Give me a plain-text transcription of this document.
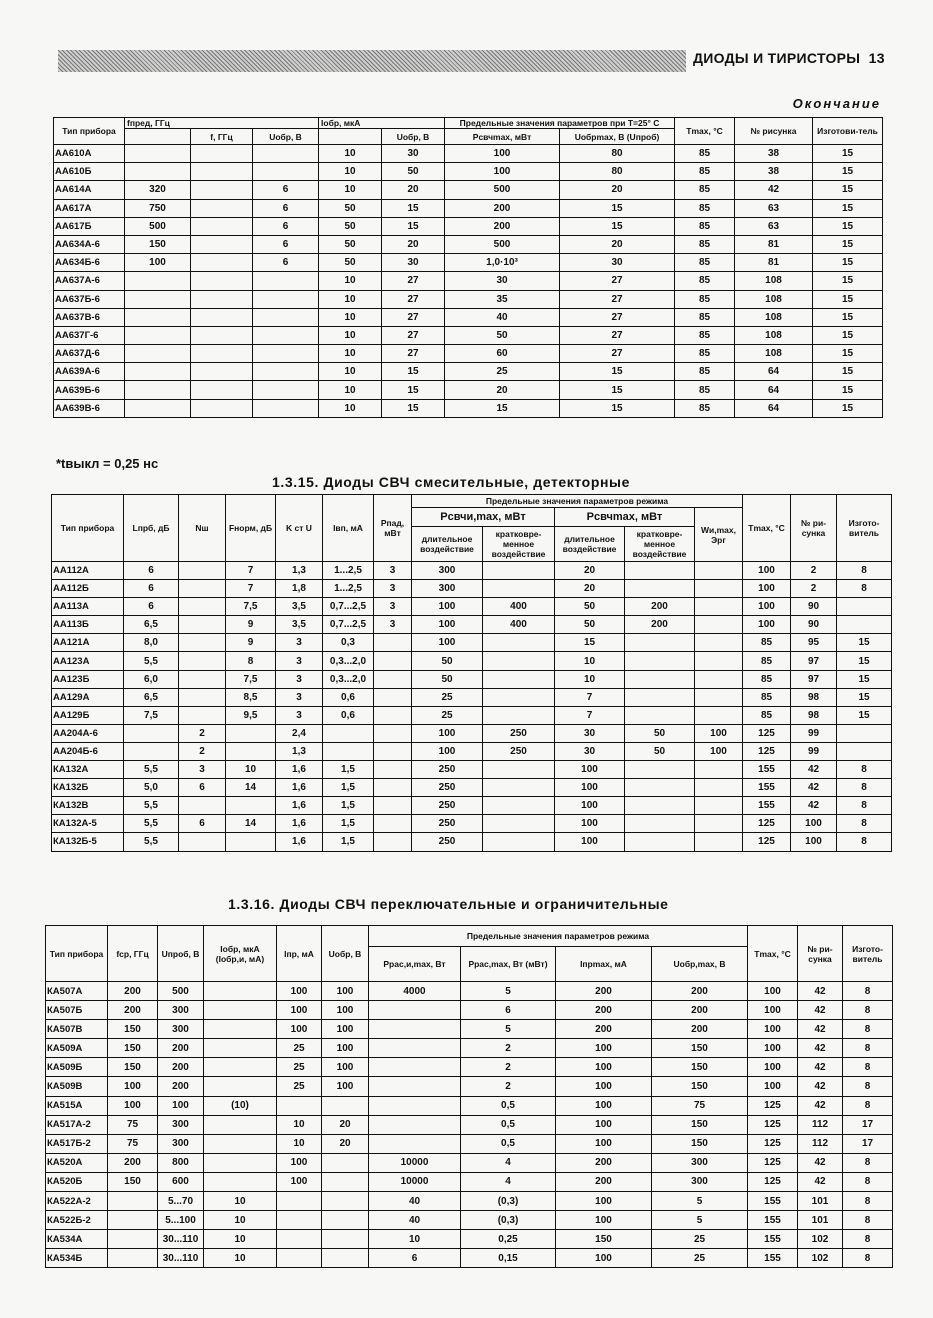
ДИОДЫ И ТИРИСТОРЫ 13
Окончание
Тип прибора	fпред, ГГц			Iобр, мкА		Предельные значения параметров при T=25° C		Tmax, °С	№ рисунка	Изготови-тель
		f, ГГц	Uобр, В		Uобр, В	Pсвчmax, мВт	Uобрmax, В (Uпроб)			
АА610А				10	30	100	80	85	38	15
АА610Б				10	50	100	80	85	38	15
АА614А	320		6	10	20	500	20	85	42	15
АА617А	750		6	50	15	200	15	85	63	15
АА617Б	500		6	50	15	200	15	85	63	15
АА634А-6	150		6	50	20	500	20	85	81	15
АА634Б-6	100		6	50	30	1,0·10³	30	85	81	15
АА637А-6				10	27	30	27	85	108	15
АА637Б-6				10	27	35	27	85	108	15
АА637В-6				10	27	40	27	85	108	15
АА637Г-6				10	27	50	27	85	108	15
АА637Д-6				10	27	60	27	85	108	15
АА639А-6				10	15	25	15	85	64	15
АА639Б-6				10	15	20	15	85	64	15
АА639В-6				10	15	15	15	85	64	15
*tвыкл = 0,25 нс
1.3.15. Диоды СВЧ смесительные, детекторные
Тип прибора	Lпрб, дБ	Nш	Fнорм, дБ	K ст U	Iвп, мА	Pпад, мВт	Предельные значения параметров режима					Tmax, °С	№ ри-сунка	Изгото-витель
							Pсвчи,max, мВт		Pсвчmax, мВт		Wи,max, Эрг			
							длительное воздействие	кратковре-менное воздействие	длительное воздействие	кратковре-менное воздействие				
АА112А	6		7	1,3	1...2,5	3	300		20			100	2	8
АА112Б	6		7	1,8	1...2,5	3	300		20			100	2	8
АА113А	6		7,5	3,5	0,7...2,5	3	100	400	50	200		100	90	
АА113Б	6,5		9	3,5	0,7...2,5	3	100	400	50	200		100	90	
АА121А	8,0		9	3	0,3		100		15			85	95	15
АА123А	5,5		8	3	0,3...2,0		50		10			85	97	15
АА123Б	6,0		7,5	3	0,3...2,0		50		10			85	97	15
АА129А	6,5		8,5	3	0,6		25		7			85	98	15
АА129Б	7,5		9,5	3	0,6		25		7			85	98	15
АА204А-6		2		2,4			100	250	30	50	100	125	99	
АА204Б-6		2		1,3			100	250	30	50	100	125	99	
КА132А	5,5	3	10	1,6	1,5		250		100			155	42	8
КА132Б	5,0	6	14	1,6	1,5		250		100			155	42	8
КА132В	5,5			1,6	1,5		250		100			155	42	8
КА132А-5	5,5	6	14	1,6	1,5		250		100			125	100	8
КА132Б-5	5,5			1,6	1,5		250		100			125	100	8
1.3.16. Диоды СВЧ переключательные и ограничительные
Тип прибора	fср, ГГц	Uпроб, В	Iобр, мкА (Iобр,и, мА)	Iпр, мА	Uобр, В	Предельные значения параметров режима				Tmax, °С	№ ри-сунка	Изгото-витель
						Pрас,и,max, Вт	Pрас,max, Вт (мВт)	Iпрmax, мА	Uобр,max, В			
КА507А	200	500		100	100	4000	5	200	200	100	42	8
КА507Б	200	300		100	100		6	200	200	100	42	8
КА507В	150	300		100	100		5	200	200	100	42	8
КА509А	150	200		25	100		2	100	150	100	42	8
КА509Б	150	200		25	100		2	100	150	100	42	8
КА509В	100	200		25	100		2	100	150	100	42	8
КА515А	100	100	(10)				0,5	100	75	125	42	8
КА517А-2	75	300		10	20		0,5	100	150	125	112	17
КА517Б-2	75	300		10	20		0,5	100	150	125	112	17
КА520А	200	800		100		10000	4	200	300	125	42	8
КА520Б	150	600		100		10000	4	200	300	125	42	8
КА522А-2		5...70	10			40	(0,3)	100	5	155	101	8
КА522Б-2		5...100	10			40	(0,3)	100	5	155	101	8
КА534А		30...110	10			10	0,25	150	25	155	102	8
КА534Б		30...110	10			6	0,15	100	25	155	102	8
